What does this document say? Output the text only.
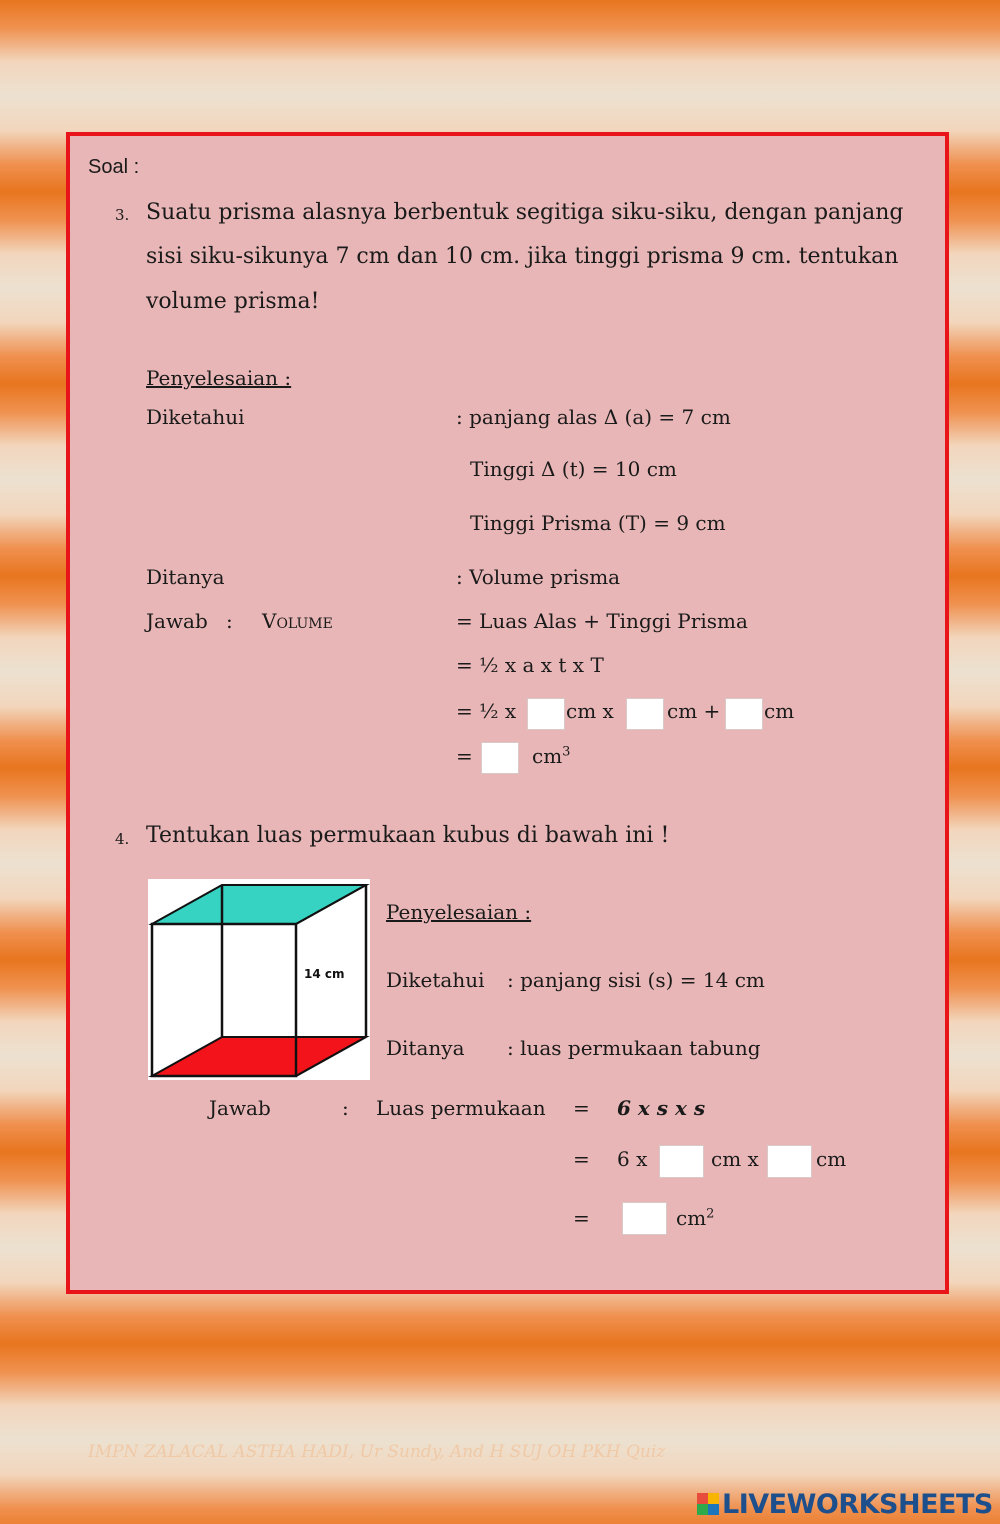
Soal :
3. Suatu prisma alasnya berbentuk segitiga siku-siku, dengan panjang
sisi siku-sikunya 7 cm dan 10 cm. jika tinggi prisma 9 cm. tentukan
volume prisma!
Penyelesaian :
Diketahui	: panjang alas Δ (a) = 7 cm
Tinggi Δ (t) = 10 cm
Tinggi Prisma (T) = 9 cm
Ditanya	: Volume prisma
Jawab : Volume	= Luas Alas + Tinggi Prisma
= ½ x a x t x T
= ½ x cm x	cm + cm
=	$cm^3$
4. Tentukan luas permukaan kubus di bawah ini !
14 cm
Penyelesaian :
Diketahui : panjang sisi (s) = 14 cm
Ditanya : luas permukaan tabung
Jawab	: Luas permukaan = 6 x s x s
= 6 x	cm x	cm
=	$cm^2$
IMPN ZALACAL ASTHA HADI, Ur Sundy, And H SUJ OH PKH Quiz
LIVEWORKSHEETS
